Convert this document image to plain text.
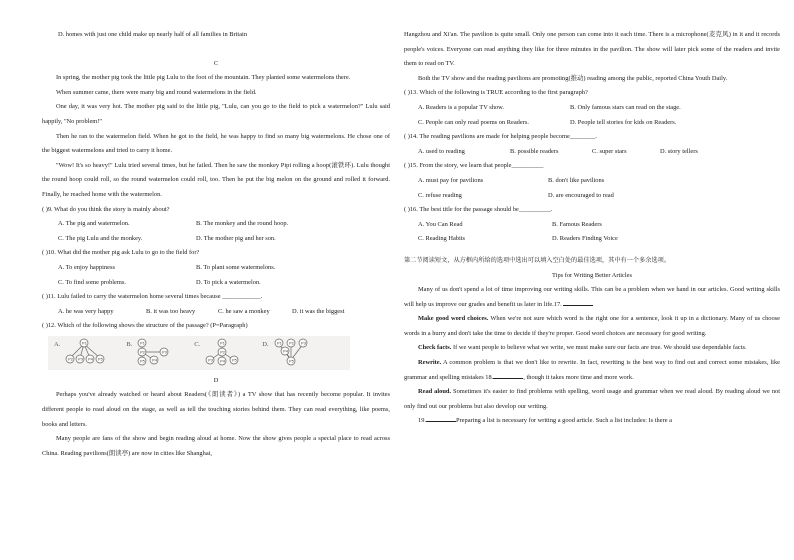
D. homes with just one child make up nearly half of all families in Britain
C
In spring, the mother pig took the little pig Lulu to the foot of the mountain. They planted some watermelons there.
When summer came, there were many big and round watermelons in the field.
One day, it was very hot. The mother pig said to the little pig, "Lulu, can you go to the field to pick a watermelon?" Lulu said happily, "No problem!"
Then he ran to the watermelon field. When he got to the field, he was happy to find so many big watermelons. He chose one of the biggest watermelons and tried to carry it home.
"Wow! It's so heavy!" Lulu tried several times, but he failed. Then he saw the monkey Pipi rolling a hoop(滚铁环). Lulu thought the round hoop could roll, so the round watermelon could roll, too. Then he put the big melon on the ground and rolled it forward. Finally, he reached home with the watermelon.
( )9. What do you think the story is mainly about?
A. The pig and watermelon.	B. The monkey and the round hoop.
C. The pig Lulu and the monkey.	D. The mother pig and her son.
( )10. What did the mother pig ask Lulu to go to the field for?
A. To enjoy happiness	B. To plant some watermelons.
C. To find some problems.	D. To pick a watermelon.
( )11. Lulu failed to carry the watermelon home several times because ____________.
A. he was very happy	B. it was too heavy	C. he saw a monkey	D. it was the biggest
( )12. Which of the following shows the structure of the passage? (P=Paragraph)
A.	P1
P2 P3 P4 P5
B. P1
P2
P4
P3
P5
C.	P1
P2
P3 P4 P5
D. P1 P2 P3
P4
P5
D
Perhaps you've already watched or heard about Readers(《朗读者》) a TV show that has recently become popular. It invites different people to read aloud on the stage, as well as tell the touching stories behind them. They can read everything, like poems, books and letters.
Many people are fans of the show and begin reading aloud at home. Now the show gives people a special place to read across China. Reading pavilions(朗读亭) are now in cities like Shanghai,
Hangzhou and Xi'an. The pavilion is quite small. Only one person can come into it each time. There is a microphone(麦克风) in it and it records people's voices. Everyone can read anything they like for three minutes in the pavilion. The show will later pick some of the readers and invite them to read on TV.
Both the TV show and the reading pavilions are promoting(推动) reading among the public, reported China Youth Daily.
( )13. Which of the following is TRUE according to the first paragraph?
A. Readers is a popular TV show.	B. Only famous stars can read on the stage.
C. People can only read poems on Readers.	D. People tell stories for kids on Readers.
( )14. The reading pavilions are made for helping people become________.
A. used to reading	B. possible readers	C. super stars	D. story tellers
( )15. From the story, we learn that people__________
A. must pay for pavilions	B. don't like pavilions
C. refuse reading	D. are encouraged to read
( )16. The best title for the passage should be__________.
A. You Can Read	B. Famous Readers
C. Reading Habits	D. Readers Finding Voice
第二节阅读短文，从方框内所给的选项中选出可以填入空白处的最佳选项，其中有一个多余选项。
Tips for Writing Better Articles
Many of us don't spend a lot of time improving our writing skills. This can be a problem when we hand in our articles. Good writing skills will help us improve our grades and benefit us later in life.17.
Make good word choices. When we're not sure which word is the right one for a sentence, look it up in a dictionary. Many of us choose words in a hurry and don't take the time to decide if they're proper. Good word choices are necessary for good writing.
Check facts. If we want people to believe what we write, we must make sure our facts are true. We should use dependable facts.
Rewrite. A common problem is that we don't like to rewrite. In fact, rewriting is the best way to find out and correct some mistakes, like grammar and spelling mistakes 18.	, though it takes more time and more work.
Read aloud. Sometimes it's easier to find problems with spelling, word usage and grammar when we read aloud. By reading aloud we not only find out our problems but also develop our writing.
19.	Preparing a list is necessary for writing a good article. Such a list includes: Is there a
